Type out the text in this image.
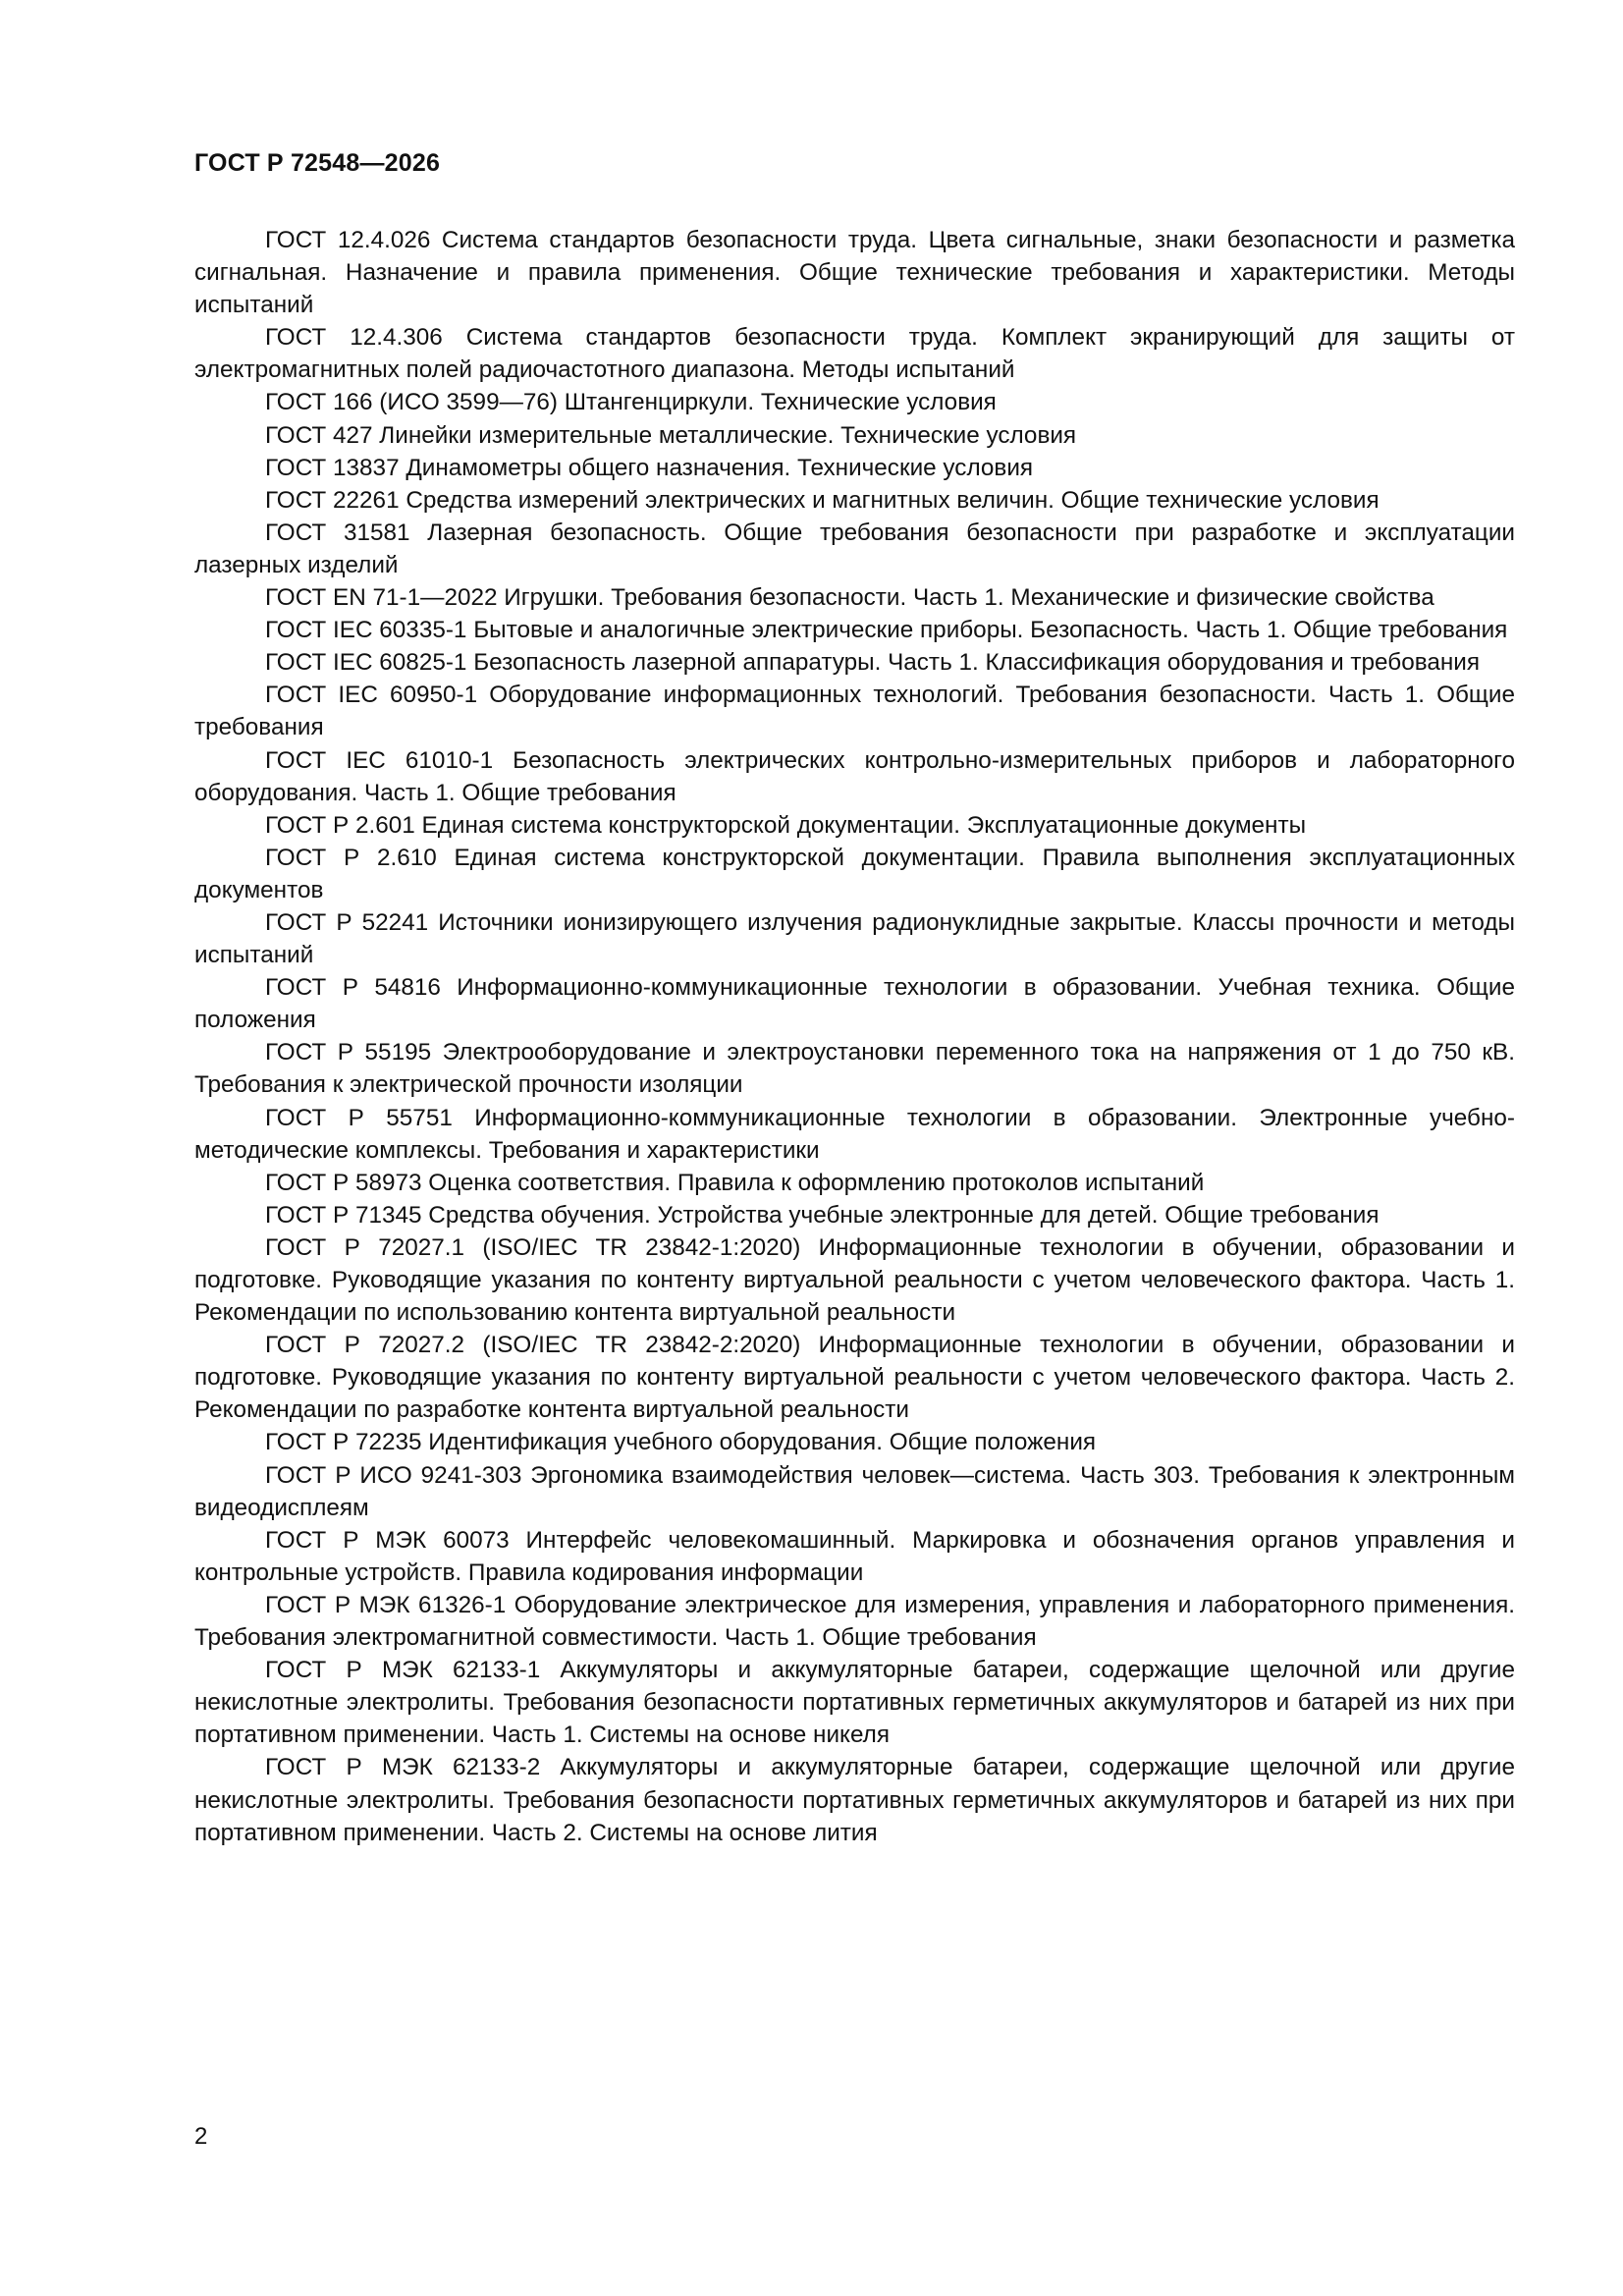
ГОСТ Р 72548—2026

ГОСТ 12.4.026 Система стандартов безопасности труда. Цвета сигнальные, знаки безопасности и разметка сигнальная. Назначение и правила применения. Общие технические требования и характеристики. Методы испытаний

ГОСТ 12.4.306 Система стандартов безопасности труда. Комплект экранирующий для защиты от электромагнитных полей радиочастотного диапазона. Методы испытаний

ГОСТ 166 (ИСО 3599—76) Штангенциркули. Технические условия

ГОСТ 427 Линейки измерительные металлические. Технические условия

ГОСТ 13837 Динамометры общего назначения. Технические условия

ГОСТ 22261 Средства измерений электрических и магнитных величин. Общие технические условия

ГОСТ 31581 Лазерная безопасность. Общие требования безопасности при разработке и эксплуатации лазерных изделий

ГОСТ EN 71-1—2022 Игрушки. Требования безопасности. Часть 1. Механические и физические свойства

ГОСТ IEC 60335-1 Бытовые и аналогичные электрические приборы. Безопасность. Часть 1. Общие требования

ГОСТ IEC 60825-1 Безопасность лазерной аппаратуры. Часть 1. Классификация оборудования и требования

ГОСТ IEC 60950-1 Оборудование информационных технологий. Требования безопасности. Часть 1. Общие требования

ГОСТ IEC 61010-1 Безопасность электрических контрольно-измерительных приборов и лабораторного оборудования. Часть 1. Общие требования

ГОСТ Р 2.601 Единая система конструкторской документации. Эксплуатационные документы

ГОСТ Р 2.610 Единая система конструкторской документации. Правила выполнения эксплуатационных документов

ГОСТ Р 52241 Источники ионизирующего излучения радионуклидные закрытые. Классы прочности и методы испытаний

ГОСТ Р 54816 Информационно-коммуникационные технологии в образовании. Учебная техника. Общие положения

ГОСТ Р 55195 Электрооборудование и электроустановки переменного тока на напряжения от 1 до 750 кВ. Требования к электрической прочности изоляции

ГОСТ Р 55751 Информационно-коммуникационные технологии в образовании. Электронные учебно-методические комплексы. Требования и характеристики

ГОСТ Р 58973 Оценка соответствия. Правила к оформлению протоколов испытаний

ГОСТ Р 71345 Средства обучения. Устройства учебные электронные для детей. Общие требования

ГОСТ Р 72027.1 (ISO/IEC TR 23842-1:2020) Информационные технологии в обучении, образовании и подготовке. Руководящие указания по контенту виртуальной реальности с учетом человеческого фактора. Часть 1. Рекомендации по использованию контента виртуальной реальности

ГОСТ Р 72027.2 (ISO/IEC TR 23842-2:2020) Информационные технологии в обучении, образовании и подготовке. Руководящие указания по контенту виртуальной реальности с учетом человеческого фактора. Часть 2. Рекомендации по разработке контента виртуальной реальности

ГОСТ Р 72235 Идентификация учебного оборудования. Общие положения

ГОСТ Р ИСО 9241-303 Эргономика взаимодействия человек—система. Часть 303. Требования к электронным видеодисплеям

ГОСТ Р МЭК 60073 Интерфейс человекомашинный. Маркировка и обозначения органов управления и контрольные устройств. Правила кодирования информации

ГОСТ Р МЭК 61326-1 Оборудование электрическое для измерения, управления и лабораторного применения. Требования электромагнитной совместимости. Часть 1. Общие требования

ГОСТ Р МЭК 62133-1 Аккумуляторы и аккумуляторные батареи, содержащие щелочной или другие некислотные электролиты. Требования безопасности портативных герметичных аккумуляторов и батарей из них при портативном применении. Часть 1. Системы на основе никеля

ГОСТ Р МЭК 62133-2 Аккумуляторы и аккумуляторные батареи, содержащие щелочной или другие некислотные электролиты. Требования безопасности портативных герметичных аккумуляторов и батарей из них при портативном применении. Часть 2. Системы на основе лития

2
